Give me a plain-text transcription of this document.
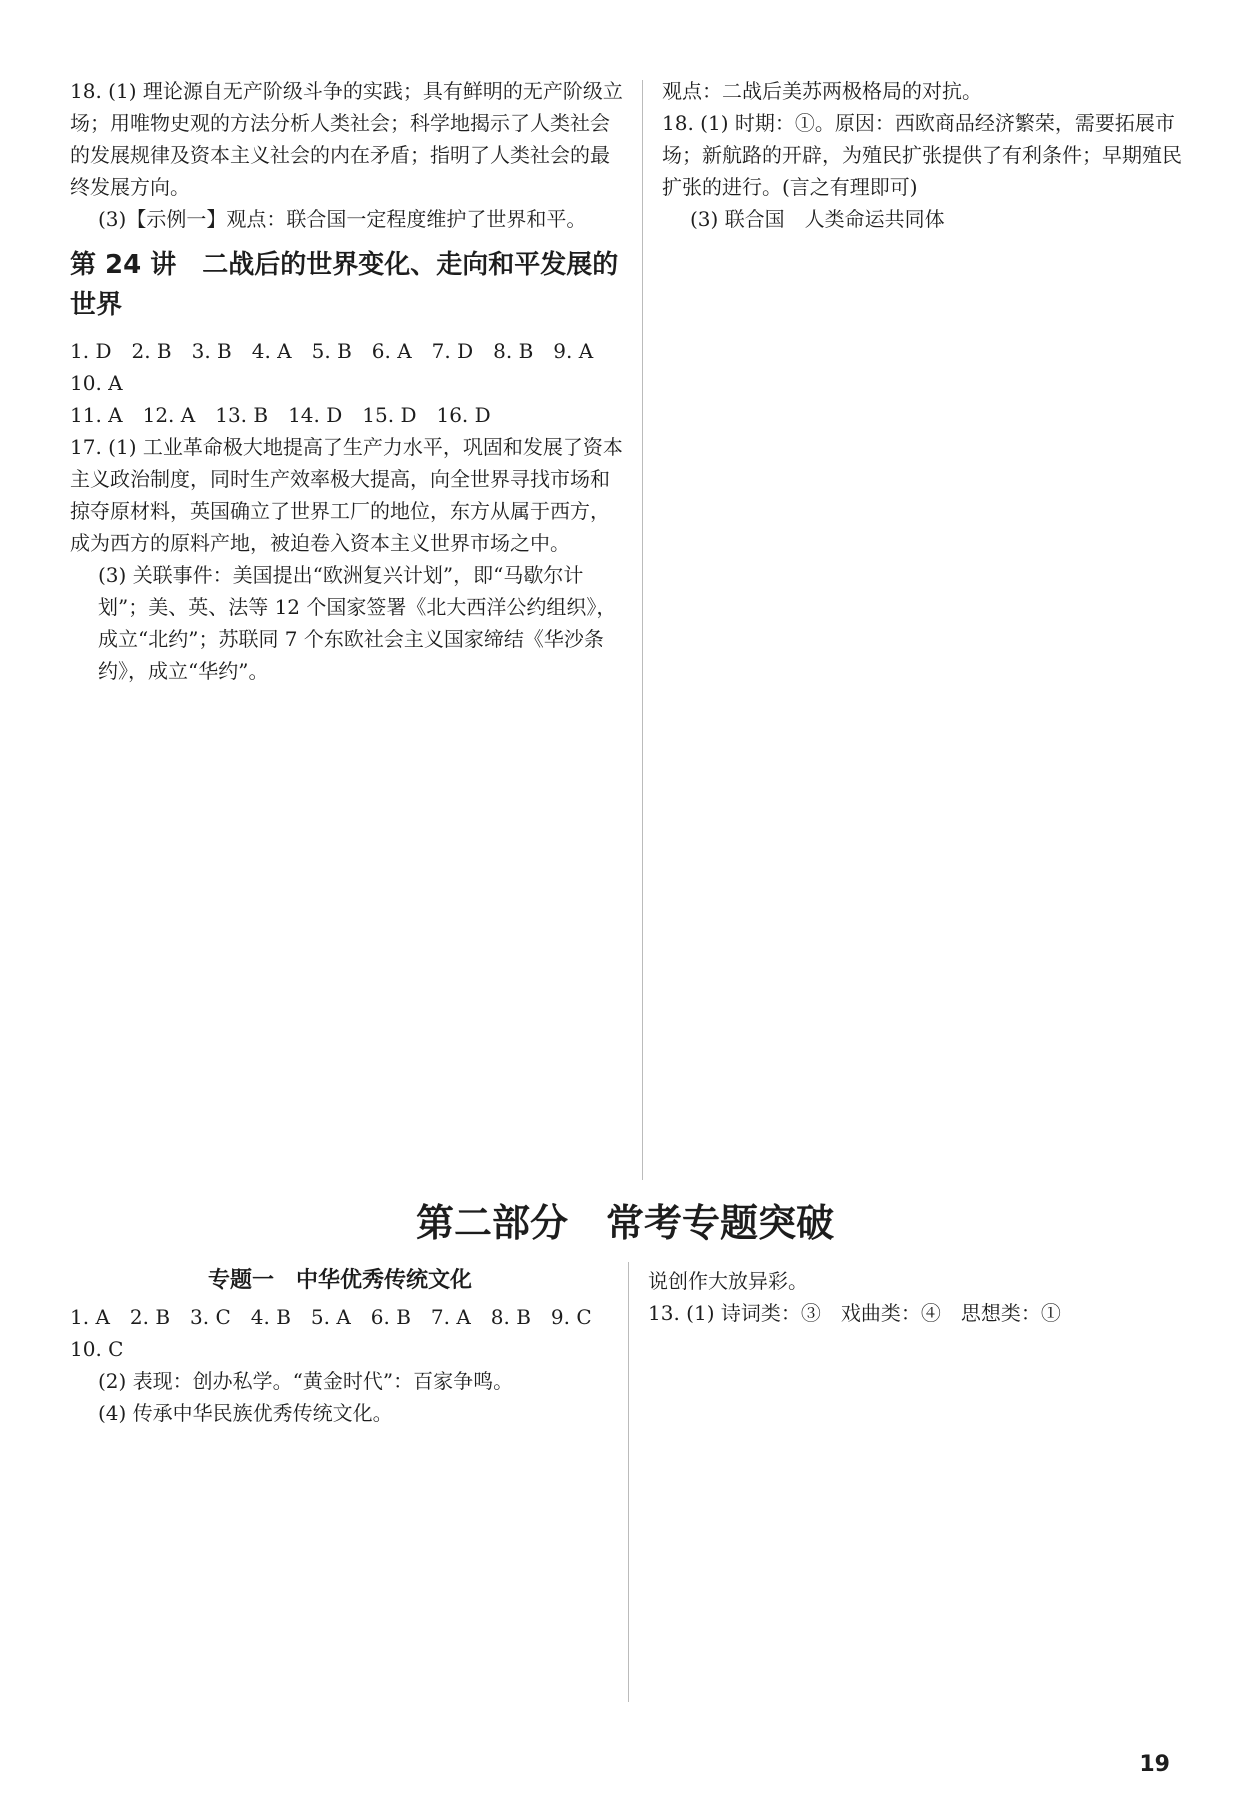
18. (1) 理论源自无产阶级斗争的实践；具有鲜明的无产阶级立场；用唯物史观的方法分析人类社会；科学地揭示了人类社会的发展规律及资本主义社会的内在矛盾；指明了人类社会的最终发展方向。

(3)【示例一】观点：联合国一定程度维护了世界和平。

第 24 讲　二战后的世界变化、走向和平发展的世界

1. D　2. B　3. B　4. A　5. B　6. A　7. D　8. B　9. A　10. A

11. A　12. A　13. B　14. D　15. D　16. D

17. (1) 工业革命极大地提高了生产力水平，巩固和发展了资本主义政治制度，同时生产效率极大提高，向全世界寻找市场和掠夺原材料，英国确立了世界工厂的地位，东方从属于西方，成为西方的原料产地，被迫卷入资本主义世界市场之中。

(3) 关联事件：美国提出“欧洲复兴计划”，即“马歇尔计划”；美、英、法等 12 个国家签署《北大西洋公约组织》，成立“北约”；苏联同 7 个东欧社会主义国家缔结《华沙条约》，成立“华约”。

观点：二战后美苏两极格局的对抗。

18. (1) 时期：①。原因：西欧商品经济繁荣，需要拓展市场；新航路的开辟，为殖民扩张提供了有利条件；早期殖民扩张的进行。(言之有理即可)

(3) 联合国　人类命运共同体

第二部分　常考专题突破

专题一　中华优秀传统文化

1. A　2. B　3. C　4. B　5. A　6. B　7. A　8. B　9. C　10. C

(2) 表现：创办私学。“黄金时代”：百家争鸣。

(4) 传承中华民族优秀传统文化。

说创作大放异彩。

13. (1) 诗词类：③　戏曲类：④　思想类：①

19
